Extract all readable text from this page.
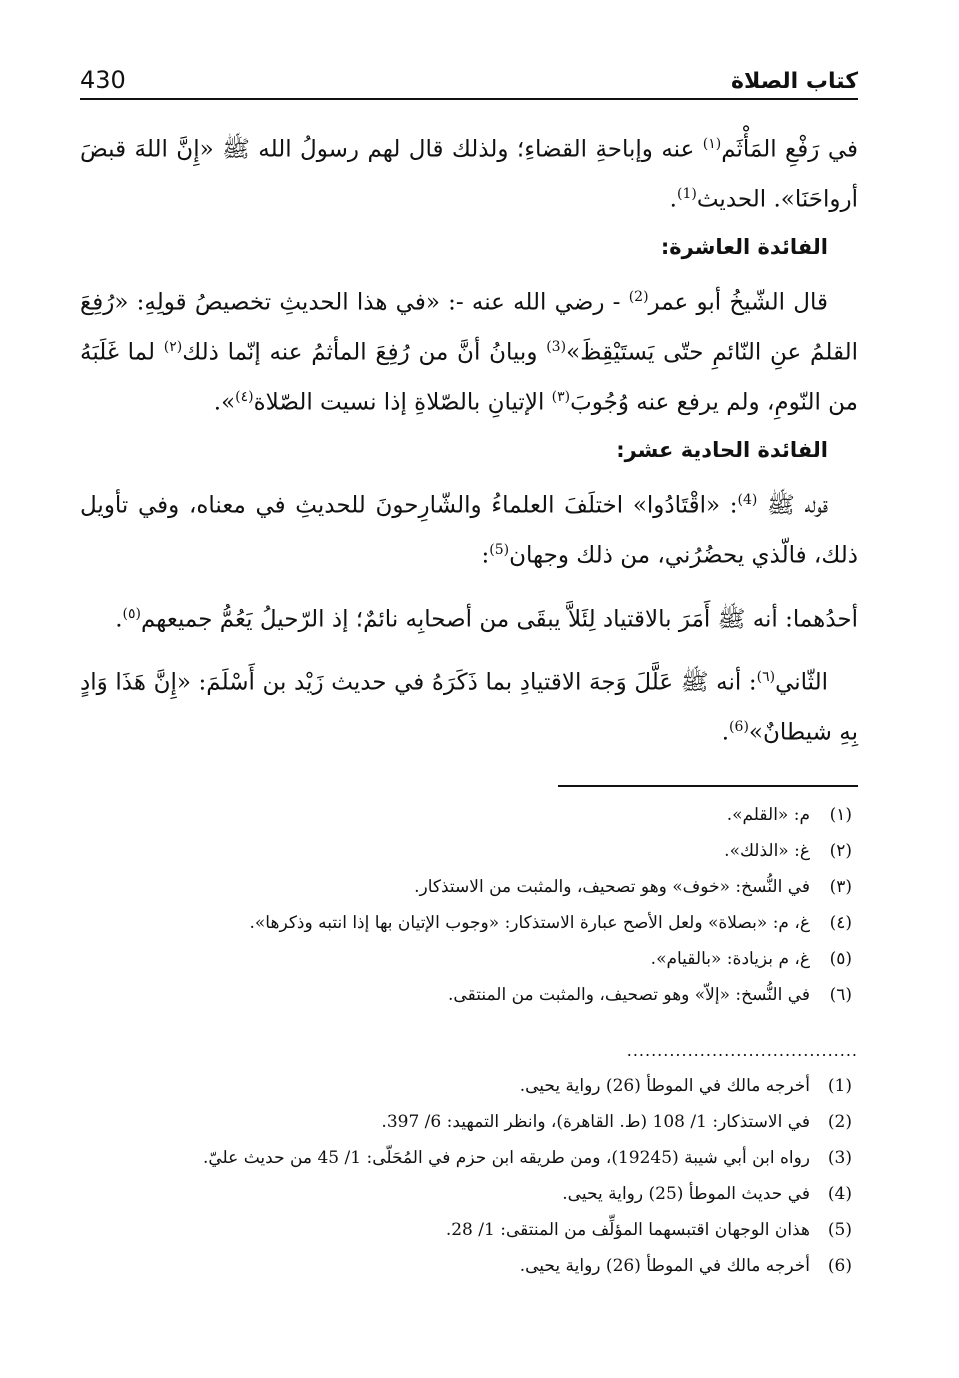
كتاب الصلاة
430

في رَفْعِ المَأْثَم$^{(١)}$ عنه وإباحةِ القضاءِ؛ ولذلك قال لهم رسولُ الله ﷺ «إِنَّ اللهَ قبضَ أرواحَنَا». الحديث$^{(1)}$.

الفائدة العاشرة:

قال الشّيخُ أبو عمر$^{(2)}$ - رضي الله عنه -: «في هذا الحديثِ تخصيصُ قولِهِ: «رُفِعَ القلمُ عنِ النّائمِ حتّى يَستَيْقِظَ»$^{(3)}$ وبيانُ أنَّ من رُفِعَ المأثمُ عنه إنّما ذلك$^{(٢)}$ لما غَلَبَهُ من النّومِ، ولم يرفع عنه وُجُوبَ$^{(٣)}$ الإتيانِ بالصّلاةِ إذا نسيت الصّلاة$^{(٤)}$».

الفائدة الحادية عشر:

قوله ﷺ $^{(4)}$: «اقْتَادُوا» اختلَفَ العلماءُ والشّارِحونَ للحديثِ في معناه، وفي تأويل ذلك، فالّذي يحضُرُني، من ذلك وجهان$^{(5)}$:

أحدُهما: أنه ﷺ أَمَرَ بالاقتياد لِئَلاَّ يبقَى من أصحابِه نائمٌ؛ إذ الرّحيلُ يَعُمُّ جميعهم$^{(٥)}$.

الثّاني$^{(٦)}$: أنه ﷺ عَلَّلَ وَجهَ الاقتيادِ بما ذَكَرَهُ في حديث زَيْد بن أَسْلَمَ: «إِنَّ هَذَا وَادٍ بِهِ شيطانٌ»$^{(6)}$.

(١)
م: «القلم».
(٢)
غ: «الذلك».
(٣)
في النُّسخ: «خوف» وهو تصحيف، والمثبت من الاستذكار.
(٤)
غ، م: «بصلاة» ولعل الأصح عبارة الاستذكار: «وجوب الإتيان بها إذا انتبه وذكرها».
(٥)
غ، م بزيادة: «بالقيام».
(٦)
في النُّسخ: «إلاّ» وهو تصحيف، والمثبت من المنتقى.
......................................
(1)
أخرجه مالك في الموطأ (26) رواية يحيى.
(2)
في الاستذكار: 1/ 108 (ط. القاهرة)، وانظر التمهيد: 6/ 397.
(3)
رواه ابن أبي شيبة (19245)، ومن طريقه ابن حزم في المُحَلّى: 1/ 45 من حديث عليّ.
(4)
في حديث الموطأ (25) رواية يحيى.
(5)
هذان الوجهان اقتبسهما المؤلِّف من المنتقى: 1/ 28.
(6)
أخرجه مالك في الموطأ (26) رواية يحيى.
